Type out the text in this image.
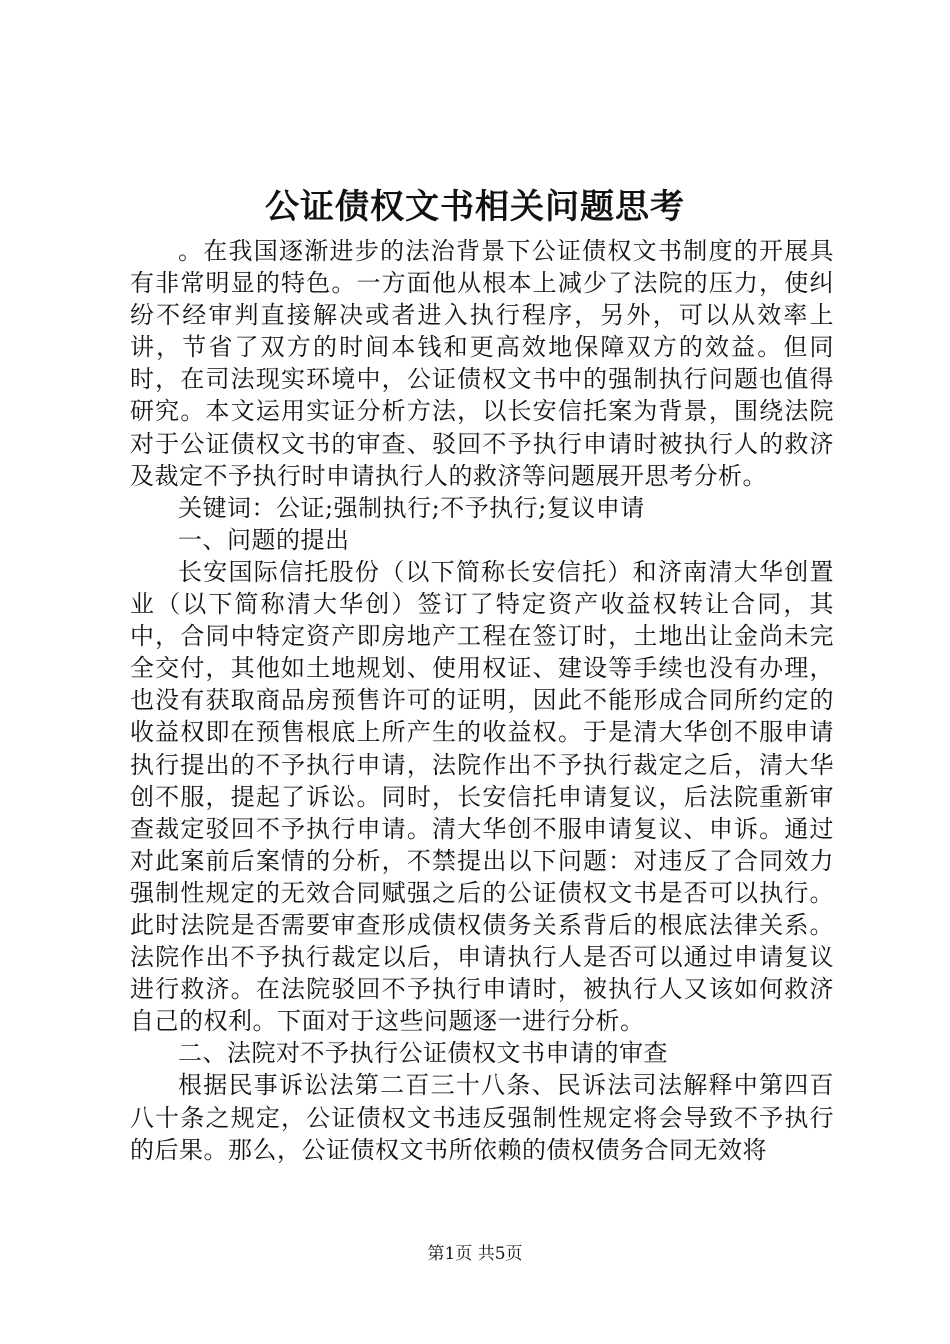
公证债权文书相关问题思考

。在我国逐渐进步的法治背景下公证债权文书制度的开展具有非常明显的特色。一方面他从根本上减少了法院的压力，使纠纷不经审判直接解决或者进入执行程序，另外，可以从效率上讲，节省了双方的时间本钱和更高效地保障双方的效益。但同时，在司法现实环境中，公证债权文书中的强制执行问题也值得研究。本文运用实证分析方法，以长安信托案为背景，围绕法院对于公证债权文书的审查、驳回不予执行申请时被执行人的救济及裁定不予执行时申请执行人的救济等问题展开思考分析。

关键词：公证;强制执行;不予执行;复议申请

一、问题的提出

长安国际信托股份（以下简称长安信托）和济南清大华创置业（以下简称清大华创）签订了特定资产收益权转让合同，其中，合同中特定资产即房地产工程在签订时，土地出让金尚未完全交付，其他如土地规划、使用权证、建设等手续也没有办理，也没有获取商品房预售许可的证明，因此不能形成合同所约定的收益权即在预售根底上所产生的收益权。于是清大华创不服申请执行提出的不予执行申请，法院作出不予执行裁定之后，清大华创不服，提起了诉讼。同时，长安信托申请复议，后法院重新审查裁定驳回不予执行申请。清大华创不服申请复议、申诉。通过对此案前后案情的分析，不禁提出以下问题：对违反了合同效力强制性规定的无效合同赋强之后的公证债权文书是否可以执行。此时法院是否需要审查形成债权债务关系背后的根底法律关系。法院作出不予执行裁定以后，申请执行人是否可以通过申请复议进行救济。在法院驳回不予执行申请时，被执行人又该如何救济自己的权利。下面对于这些问题逐一进行分析。

二、法院对不予执行公证债权文书申请的审查

根据民事诉讼法第二百三十八条、民诉法司法解释中第四百八十条之规定，公证债权文书违反强制性规定将会导致不予执行的后果。那么，公证债权文书所依赖的债权债务合同无效将

第1页 共5页
